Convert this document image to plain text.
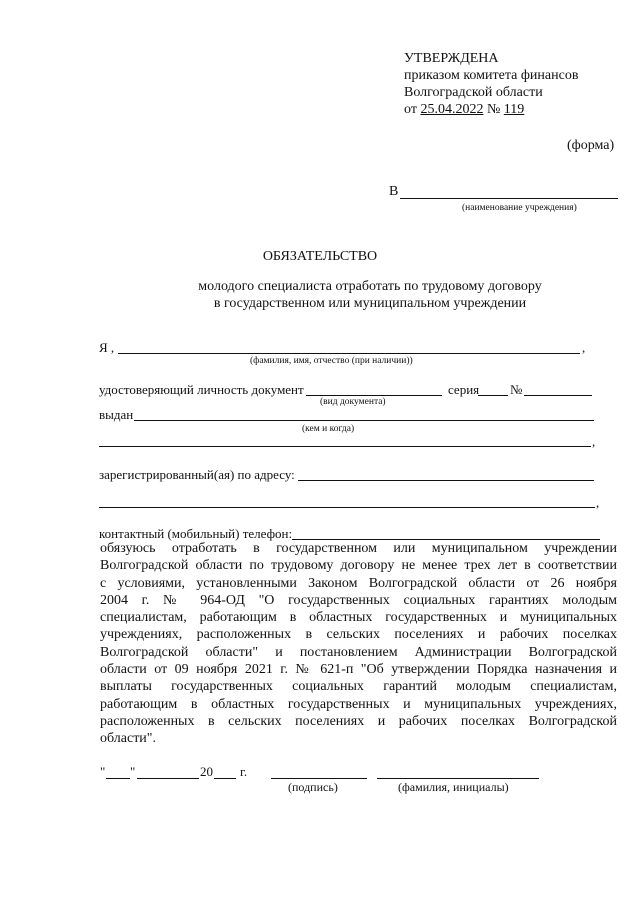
УТВЕРЖДЕНА
приказом комитета финансов
Волгоградской области
от 25.04.2022 № 119
(форма)
В
(наименование учреждения)
ОБЯЗАТЕЛЬСТВО
молодого специалиста отработать по трудовому договору
в государственном или муниципальном учреждении
Я ,	,
(фамилия, имя, отчество (при наличии))
удостоверяющий личность документ	серия №
(вид документа)
выдан
(кем и когда)
,
зарегистрированный(ая) по адресу:
,
контактный (мобильный) телефон:
обязуюсь отработать в государственном или муниципальном учреждении
Волгоградской области по трудовому договору не менее трех лет в соответствии
с условиями, установленными Законом Волгоградской области от 26 ноября
2004 г. № 964-ОД "О государственных социальных гарантиях молодым
специалистам, работающим в областных государственных и муниципальных
учреждениях, расположенных в сельских поселениях и рабочих поселках
Волгоградской области" и постановлением Администрации Волгоградской
области от 09 ноября 2021 г. № 621-п "Об утверждении Порядка назначения и
выплаты государственных социальных гарантий молодым специалистам,
работающим в областных государственных и муниципальных учреждениях,
расположенных в сельских поселениях и рабочих поселках Волгоградской
области".
" "	20 г.
(подпись)	(фамилия, инициалы)
